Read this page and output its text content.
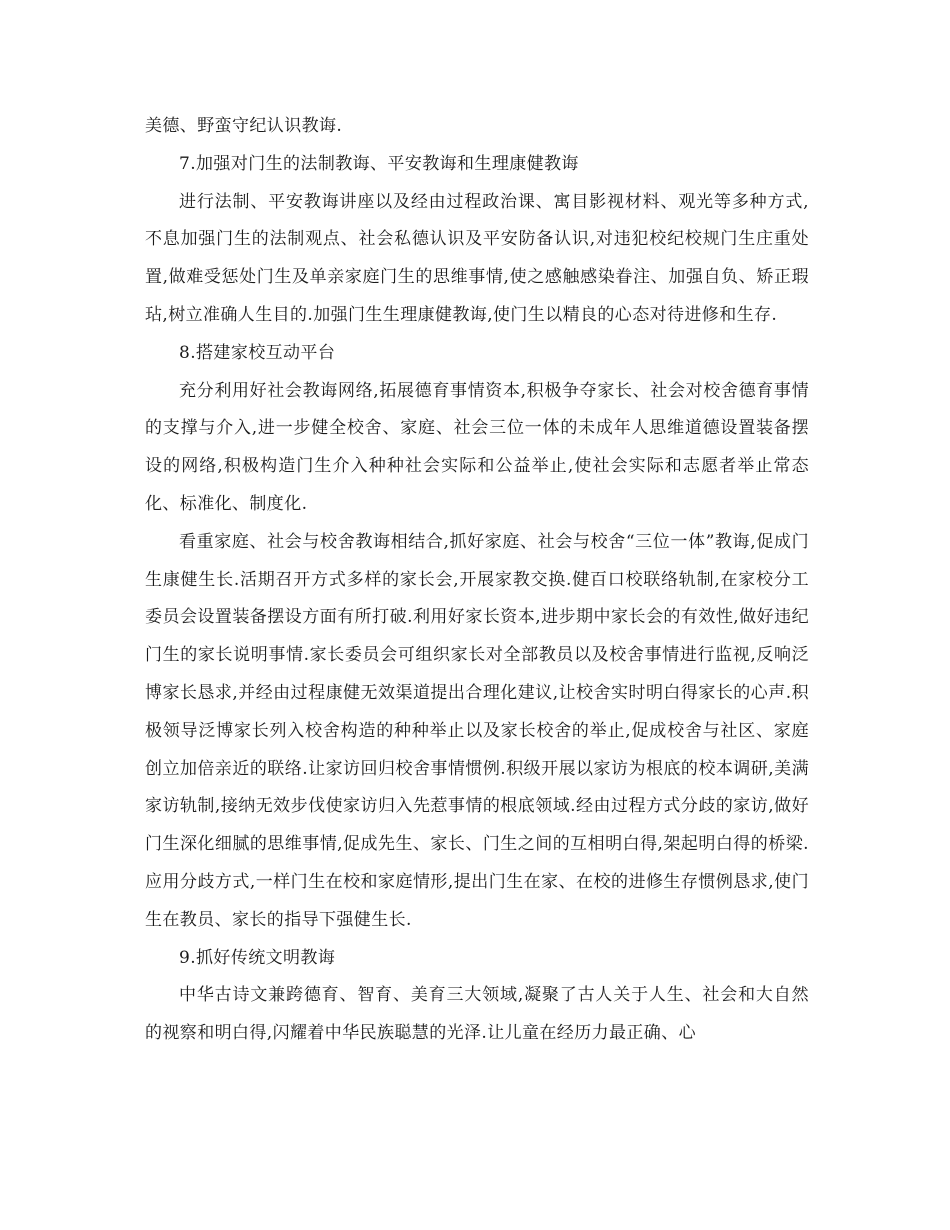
美德、野蛮守纪认识教诲.

7.加强对门生的法制教诲、平安教诲和生理康健教诲

进行法制、平安教诲讲座以及经由过程政治课、寓目影视材料、观光等多种方式,不息加强门生的法制观点、社会私德认识及平安防备认识,对违犯校纪校规门生庄重处置,做难受惩处门生及单亲家庭门生的思维事情,使之感触感染眷注、加强自负、矫正瑕玷,树立准确人生目的.加强门生生理康健教诲,使门生以精良的心态对待进修和生存.

8.搭建家校互动平台

充分利用好社会教诲网络,拓展德育事情资本,积极争夺家长、社会对校舍德育事情的支撑与介入,进一步健全校舍、家庭、社会三位一体的未成年人思维道德设置装备摆设的网络,积极构造门生介入种种社会实际和公益举止,使社会实际和志愿者举止常态化、标准化、制度化.

看重家庭、社会与校舍教诲相结合,抓好家庭、社会与校舍“三位一体”教诲,促成门生康健生长.活期召开方式多样的家长会,开展家教交换.健百口校联络轨制,在家校分工委员会设置装备摆设方面有所打破.利用好家长资本,进步期中家长会的有效性,做好违纪门生的家长说明事情.家长委员会可组织家长对全部教员以及校舍事情进行监视,反响泛博家长恳求,并经由过程康健无效渠道提出合理化建议,让校舍实时明白得家长的心声.积极领导泛博家长列入校舍构造的种种举止以及家长校舍的举止,促成校舍与社区、家庭创立加倍亲近的联络.让家访回归校舍事情惯例.积级开展以家访为根底的校本调研,美满家访轨制,接纳无效步伐使家访归入先惹事情的根底领域.经由过程方式分歧的家访,做好门生深化细腻的思维事情,促成先生、家长、门生之间的互相明白得,架起明白得的桥梁.应用分歧方式,一样门生在校和家庭情形,提出门生在家、在校的进修生存惯例恳求,使门生在教员、家长的指导下强健生长.

9.抓好传统文明教诲

中华古诗文兼跨德育、智育、美育三大领域,凝聚了古人关于人生、社会和大自然的视察和明白得,闪耀着中华民族聪慧的光泽.让儿童在经历力最正确、心
